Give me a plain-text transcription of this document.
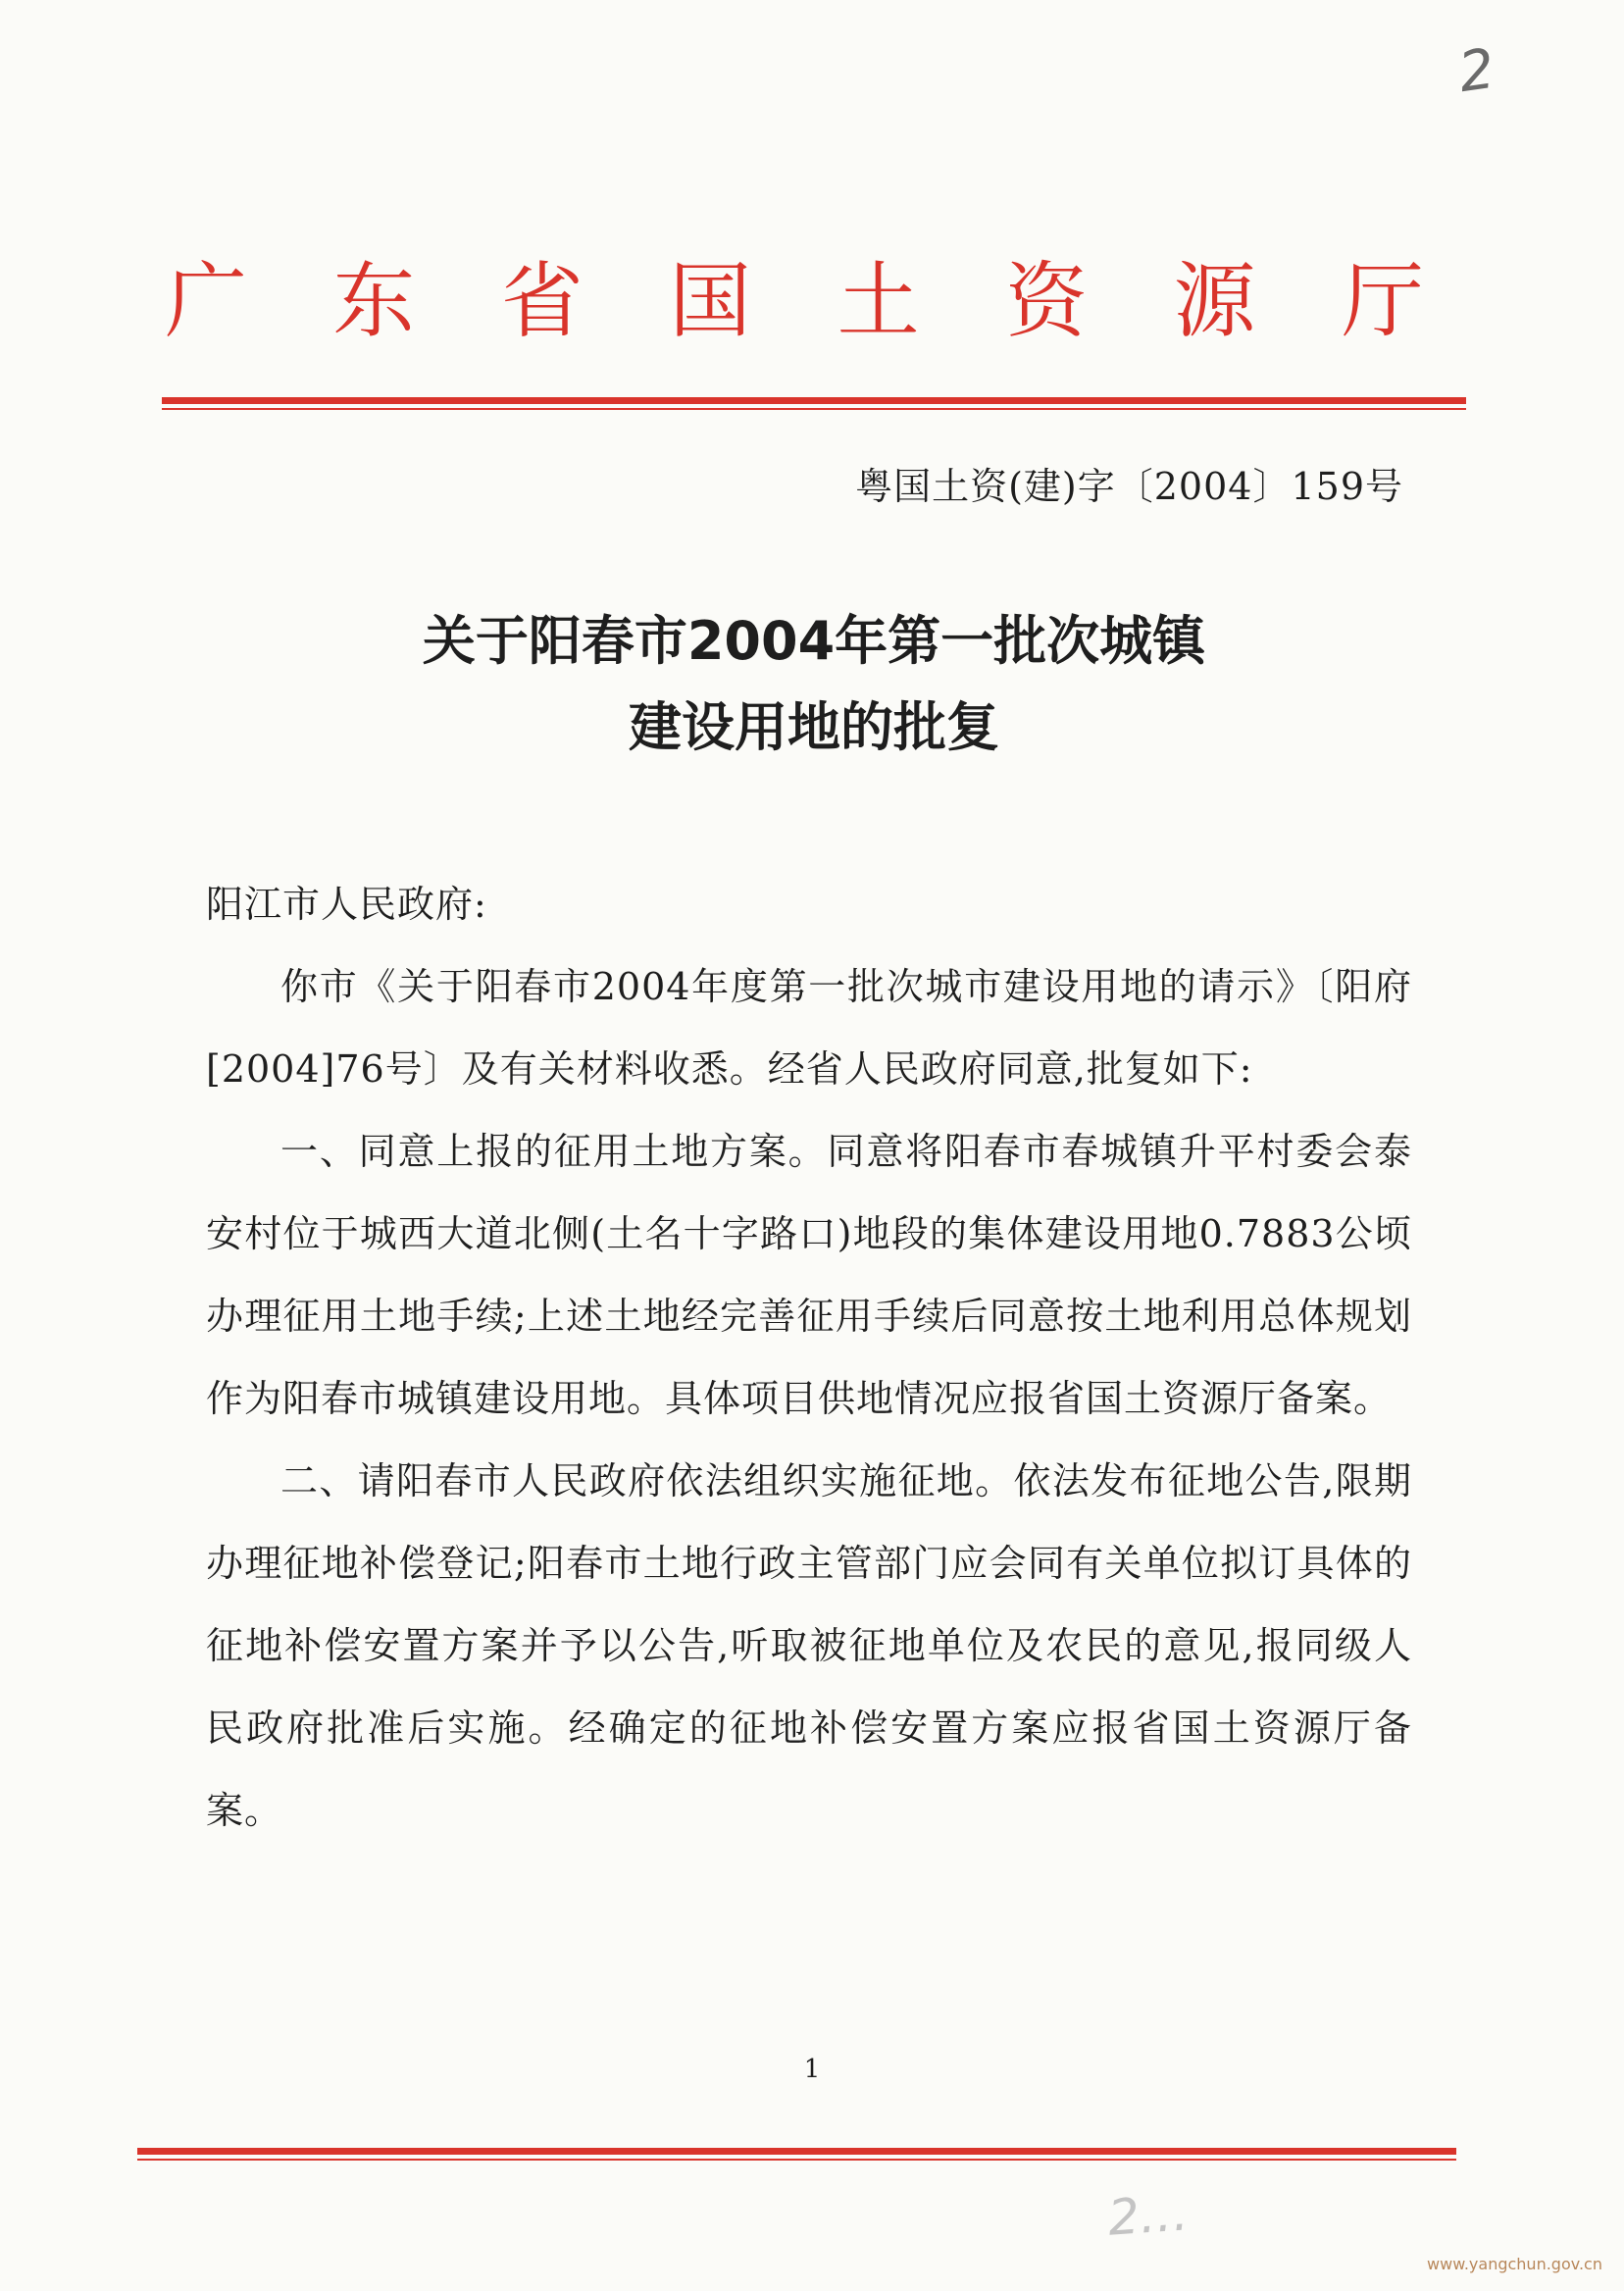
2
广 东 省 国 土 资 源 厅
粤国土资(建)字〔2004〕159号
关于阳春市2004年第一批次城镇
建设用地的批复

阳江市人民政府:

你市《关于阳春市2004年度第一批次城市建设用地的请示》〔阳府[2004]76号〕及有关材料收悉。经省人民政府同意,批复如下:

一、同意上报的征用土地方案。同意将阳春市春城镇升平村委会泰安村位于城西大道北侧(土名十字路口)地段的集体建设用地0.7883公顷办理征用土地手续;上述土地经完善征用手续后同意按土地利用总体规划作为阳春市城镇建设用地。具体项目供地情况应报省国土资源厅备案。

二、请阳春市人民政府依法组织实施征地。依法发布征地公告,限期办理征地补偿登记;阳春市土地行政主管部门应会同有关单位拟订具体的征地补偿安置方案并予以公告,听取被征地单位及农民的意见,报同级人民政府批准后实施。经确定的征地补偿安置方案应报省国土资源厅备案。

1
2…
www.yangchun.gov.cn
